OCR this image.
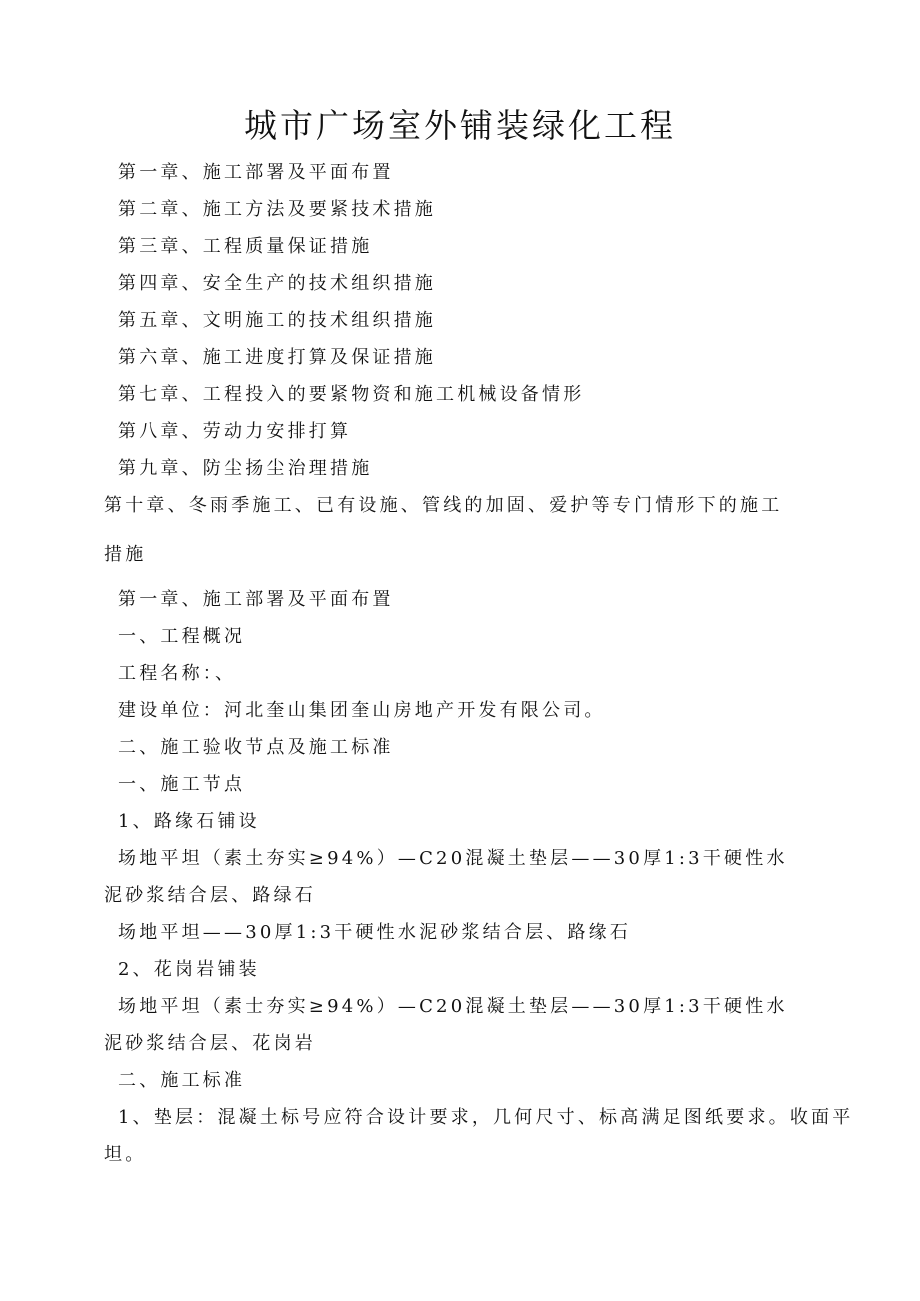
城市广场室外铺装绿化工程
第一章、施工部署及平面布置
第二章、施工方法及要紧技术措施
第三章、工程质量保证措施
第四章、安全生产的技术组织措施
第五章、文明施工的技术组织措施
第六章、施工进度打算及保证措施
第七章、工程投入的要紧物资和施工机械设备情形
第八章、劳动力安排打算
第九章、防尘扬尘治理措施
第十章、冬雨季施工、已有设施、管线的加固、爱护等专门情形下的施工
措施
第一章、施工部署及平面布置
一、工程概况
工程名称：、
建设单位：河北奎山集团奎山房地产开发有限公司。
二、施工验收节点及施工标准
一、施工节点
1、路缘石铺设
场地平坦（素土夯实≥94%）—C20混凝土垫层——30厚1:3干硬性水
泥砂浆结合层、路绿石
场地平坦——30厚1:3干硬性水泥砂浆结合层、路缘石
2、花岗岩铺装
场地平坦（素士夯实≥94%）—C20混凝土垫层——30厚1:3干硬性水
泥砂浆结合层、花岗岩
二、施工标准
1、垫层：混凝土标号应符合设计要求，几何尺寸、标高满足图纸要求。收面平
坦。
